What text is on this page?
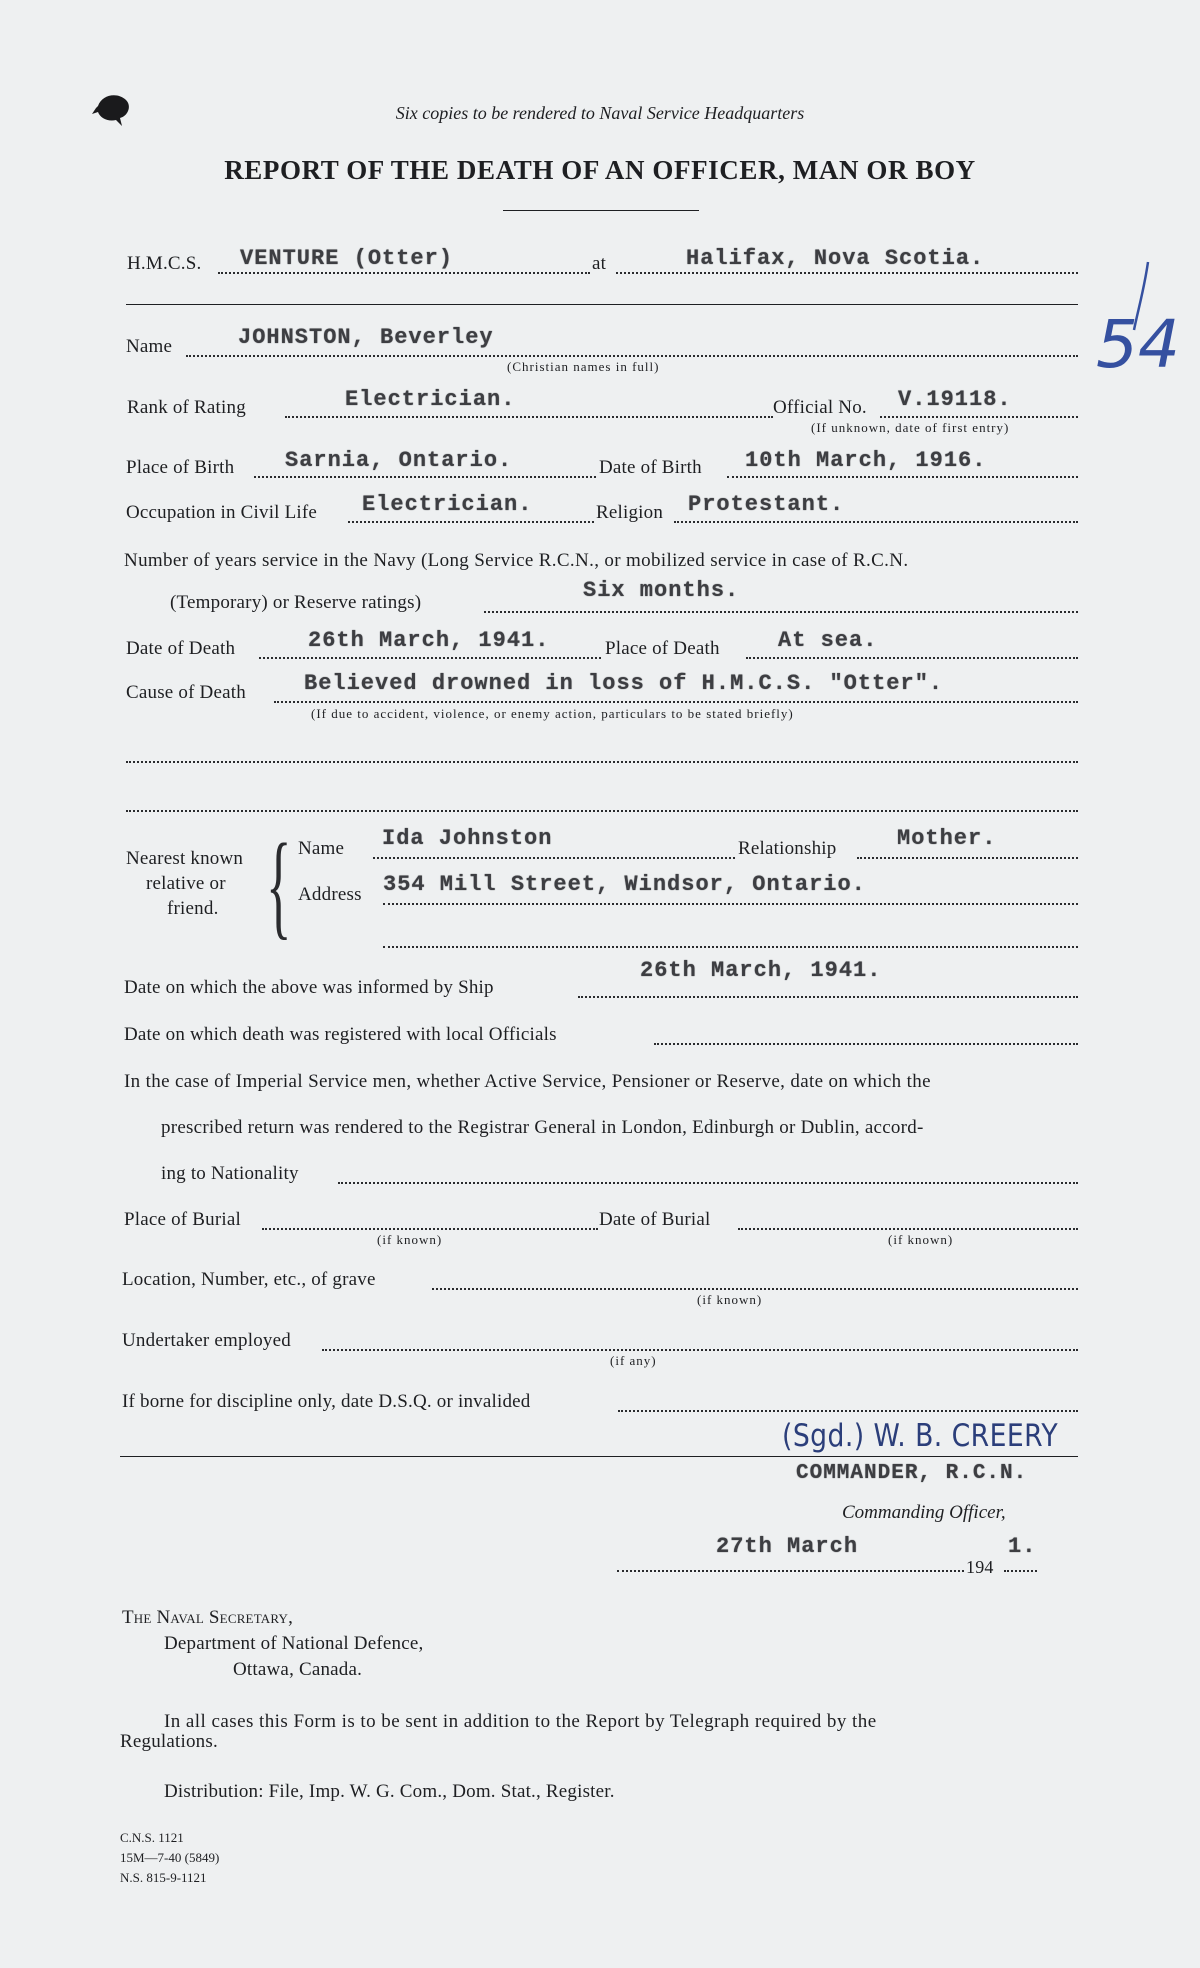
Six copies to be rendered to Naval Service Headquarters
REPORT OF THE DEATH OF AN OFFICER, MAN OR BOY
54
H.M.C.S. VENTURE (Otter)	at	Halifax, Nova Scotia.
Name	JOHNSTON, Beverley
(Christian names in full)
Rank of Rating	Electrician.	Official No. V.19118.
(If unknown, date of first entry)
Place of Birth Sarnia, Ontario.	Date of Birth 10th March, 1916.
Occupation in Civil Life Electrician.	Religion Protestant.
Number of years service in the Navy (Long Service R.C.N., or mobilized service in case of R.C.N.
(Temporary) or Reserve ratings)	Six months.
Date of Death	26th March, 1941.	Place of Death	At sea.
Cause of Death	Believed drowned in loss of H.M.C.S. "Otter".
(If due to accident, violence, or enemy action, particulars to be stated briefly)
Nearest known
relative or
friend. { Name Ida Johnston	Relationship	Mother.
Address 354 Mill Street, Windsor, Ontario.
Date on which the above was informed by Ship
26th March, 1941.
Date on which death was registered with local Officials
In the case of Imperial Service men, whether Active Service, Pensioner or Reserve, date on which the
prescribed return was rendered to the Registrar General in London, Edinburgh or Dublin, accord-
ing to Nationality
Place of Burial
(if known)
Date of Burial
(if known)
Location, Number, etc., of grave
(if known)
Undertaker employed
(if any)
If borne for discipline only, date D.S.Q. or invalided
(Sgd.) W. B. CREERY
COMMANDER, R.C.N.
Commanding Officer,
27th March	1.
194
The Naval Secretary,
Department of National Defence,
Ottawa, Canada.
In all cases this Form is to be sent in addition to the Report by Telegraph required by the
Regulations.
Distribution: File, Imp. W. G. Com., Dom. Stat., Register.
C.N.S. 1121
15M—7-40 (5849)
N.S. 815-9-1121
